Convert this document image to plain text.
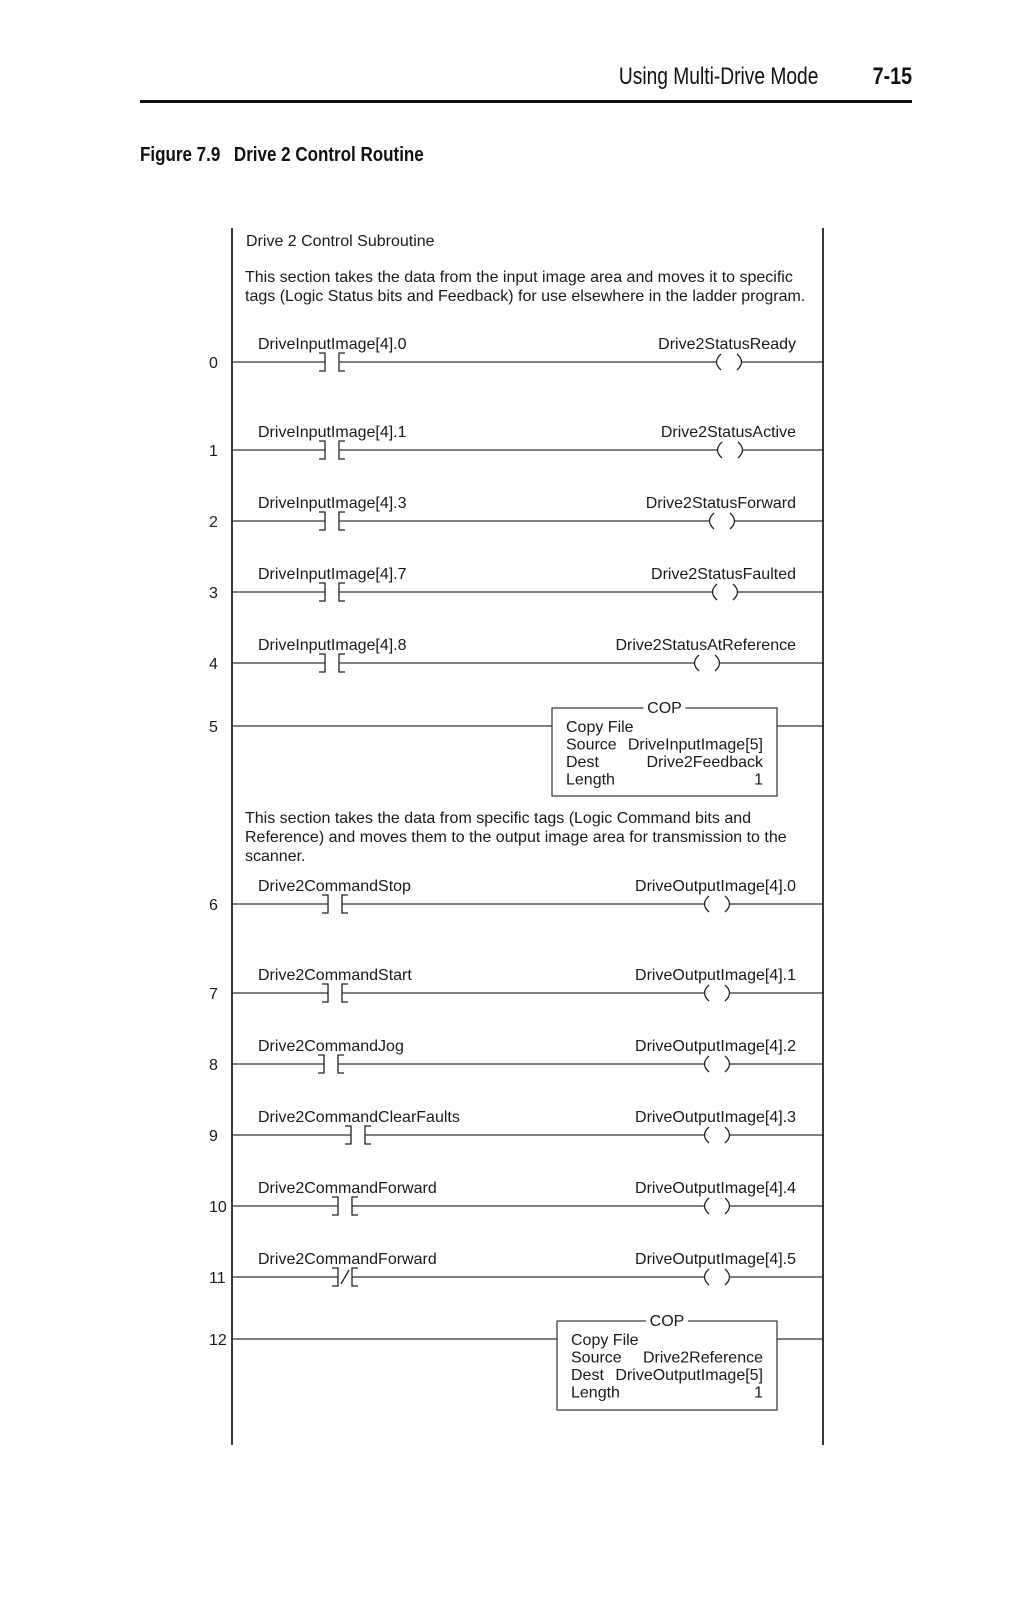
Using Multi-Drive Mode 7-15
Figure 7.9 Drive 2 Control Routine
Drive 2 Control Subroutine
This section takes the data from the input image area and moves it to specific
tags (Logic Status bits and Feedback) for use elsewhere in the ladder program.
This section takes the data from specific tags (Logic Command bits and
Reference) and moves them to the output image area for transmission to the
scanner.
0
DriveInputImage[4].0	Drive2StatusReady
1
DriveInputImage[4].1	Drive2StatusActive
2
DriveInputImage[4].3	Drive2StatusForward
3
DriveInputImage[4].7	Drive2StatusFaulted
4
DriveInputImage[4].8	Drive2StatusAtReference
5
COP
Copy File
Source DriveInputImage[5]
Dest	Drive2Feedback
Length	1
6
Drive2CommandStop	DriveOutputImage[4].0
7
Drive2CommandStart	DriveOutputImage[4].1
8
Drive2CommandJog	DriveOutputImage[4].2
9
Drive2CommandClearFaults	DriveOutputImage[4].3
10
Drive2CommandForward	DriveOutputImage[4].4
11
Drive2CommandForward	DriveOutputImage[4].5
12
COP
Copy File
Source Drive2Reference
Dest DriveOutputImage[5]
Length	1
